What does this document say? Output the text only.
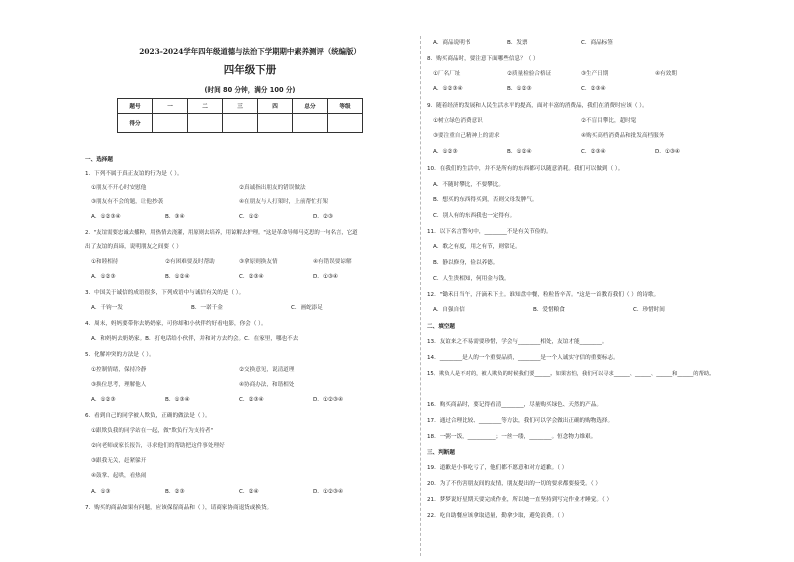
2023-2024学年四年级道德与法治下学期期中素养测评（统编版）
四年级下册
(时间 80 分钟，满分 100 分)
题号	一	二	三	四	总分	等级
得分						
一、选择题
1．下列不属于真正友谊的行为是（ ）。
①朋友不开心时安慰他	②真诚指出朋友的错误做法
③朋友有不会的题，让他抄袭	④在朋友与人打架时，上前帮忙打架
A．①②③④	B．③④	C．①②	D．②③
2．"友谊需要忠诚去播种，用热情去浇灌，用原则去培养，用谅解去护理。"这是革命导师马克思的一句名言，它道
出了友谊的真谛，说明朋友之间要（ ）
①和睦相待	②有困难要及时帮助	③拿原则换友情	④有错误要谅解
A．①②③	B．①②④	C．②③④	D．①③④
3．中国关于诚信的成语很多，下列成语中与诚信有关的是（ ）。
A．千钧一发	B．一诺千金	C．画蛇添足
4．周末，妈妈要带你去奶奶家，可你却和小伙伴约好看电影，你会（ ）。
A．和妈妈去奶奶家。B．打电话给小伙伴，并和对方去约会。C．在家里，哪也不去
5．化解冲突的方法是（ ）。
①控制情绪，保持冷静	②交换意见，说清道理
③换位思考，理解他人	④协商办法，和谐相处
A．①②③	B．①③④	C．②③④	D．①②③④
6．看到自己的同学被人欺负，正确的做法是（ ）。
①跟欺负我的同学站在一起，做"欺负行为支持者"
②向老师或家长报告，寻求他们的帮助把这件事处理好
③跟我无关，赶紧躲开
④鼓掌、起哄，看热闹
A．①③	B．②③	C．②④	D．①②③④
7．购买的商品如果有问题，应该保留商品和（ ），请商家协商退货或换货。
A．商品说明书	B．发票	C．商品标签
8．购买商品时，要注意下面哪些信息？（ ）
①厂名厂址	②质量检验合格证	③生产日期	④有效期
A．①②③④	B．①②③	C．②③④
9．随着经济的发展和人民生活水平的提高，面对丰富的消费品，我们在消费时应该（ ）。
①树立绿色消费意识	②不盲目攀比，超时髦
③要注重自己精神上的需求	④购买高档消费品和批发高档服务
A．①②③	B．①②④	C．②③④	D．①③④
10．在我们的生活中，并不是所有的东西都可以随意消耗。我们可以做到（ ）。
A．不随时攀比，不要攀比。
B．想买的东西得买到，否则父母发脾气。
C．别人有的东西我也一定得有。
11．以下名言警句中，________不是有关节俭的。
A．歌之有度，用之有节，则常足。
B．静以修身，俭以养德。
C．人生贵相知，何用金与钱。
12．"锄禾日当午，汗滴禾下土。谁知盘中餐，粒粒皆辛苦。"这是一首教育我们（ ）的诗歌。
A．自强自信	B．爱惜粮食	C．珍惜时间
二、填空题
13．友谊来之不易需要珍惜，学会与________相处，友谊才能________。
14．________是人的一个重要品质，________是一个人诚实守信的重要标志。
15．欺负人是不对的，被人欺负的时候我们要______。如果害怕，我们可以寻求______、______、______和______的帮助。
16．购买商品时，要记得看清________，尽量购买绿色、天然的产品。
17．通过合理比较、________等方法，我们可以学会做出正确的购物选择。
18．一粥一饭，__________；一丝一缕，________。恒念物力维艰。
三、判断题
19．道歉是小事吃亏了，他们都不愿意和对方道歉。（ ）
20．为了不伤害朋友间的友情，朋友提出的一切的要求都要接受。（ ）
21．梦梦说好星期天要完成作业，所以她一直坚持到写完作业才睡觉。（ ）
22．吃自助餐应该拿取适量，勤拿少取，避免浪费。（ ）
